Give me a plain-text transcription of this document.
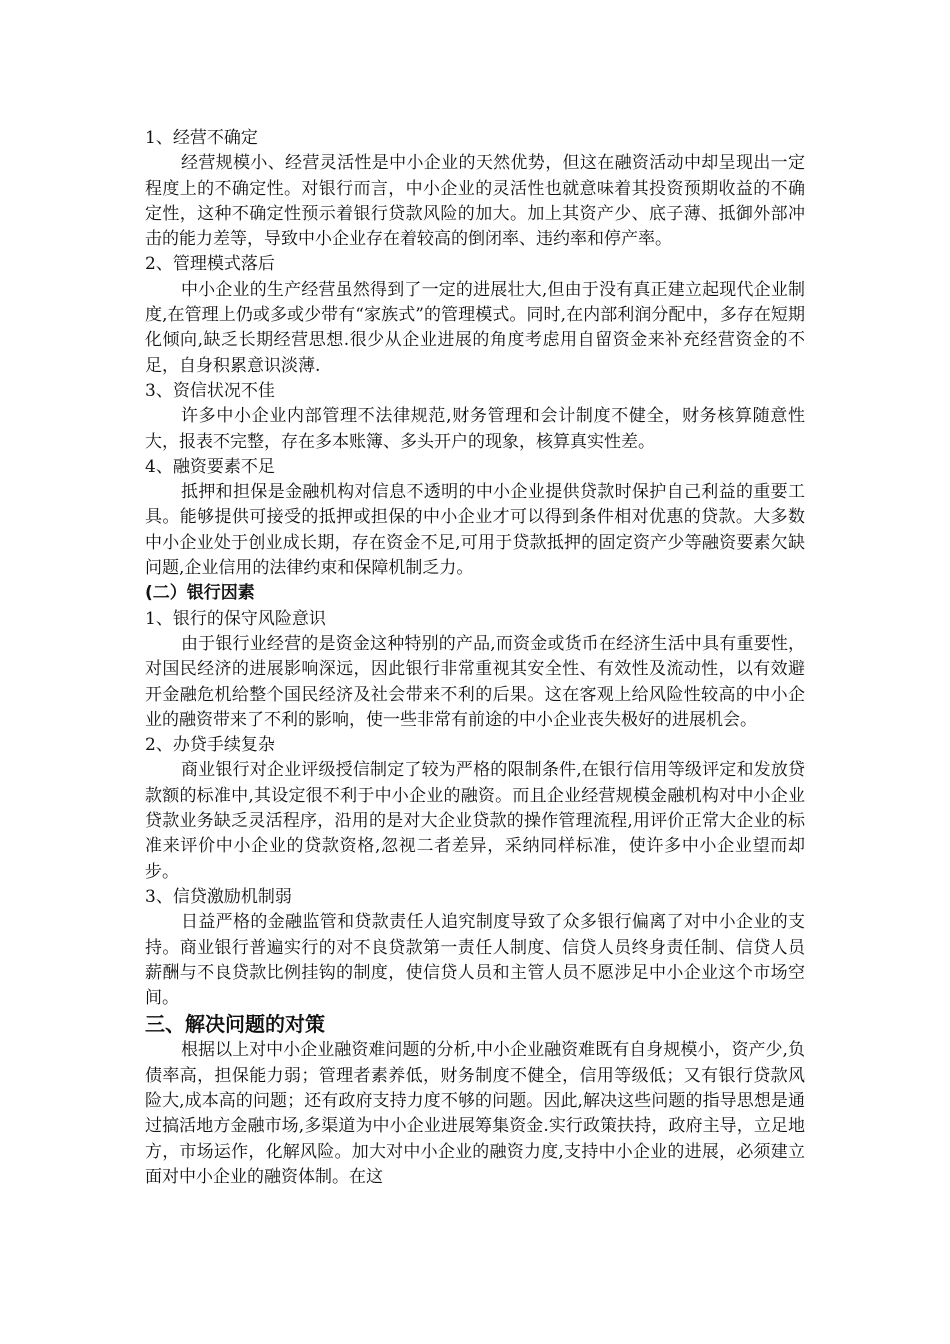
1、经营不确定

经营规模小、经营灵活性是中小企业的天然优势，但这在融资活动中却呈现出一定程度上的不确定性。对银行而言，中小企业的灵活性也就意味着其投资预期收益的不确定性，这种不确定性预示着银行贷款风险的加大。加上其资产少、底子薄、抵御外部冲击的能力差等，导致中小企业存在着较高的倒闭率、违约率和停产率。

2、管理模式落后

中小企业的生产经营虽然得到了一定的进展壮大,但由于没有真正建立起现代企业制度,在管理上仍或多或少带有“家族式”的管理模式。同时,在内部利润分配中，多存在短期化倾向,缺乏长期经营思想.很少从企业进展的角度考虑用自留资金来补充经营资金的不足，自身积累意识淡薄.

3、资信状况不佳

许多中小企业内部管理不法律规范,财务管理和会计制度不健全，财务核算随意性大，报表不完整，存在多本账簿、多头开户的现象，核算真实性差。

4、融资要素不足

抵押和担保是金融机构对信息不透明的中小企业提供贷款时保护自己利益的重要工具。能够提供可接受的抵押或担保的中小企业才可以得到条件相对优惠的贷款。大多数中小企业处于创业成长期，存在资金不足,可用于贷款抵押的固定资产少等融资要素欠缺问题,企业信用的法律约束和保障机制乏力。

(二）银行因素

1、银行的保守风险意识

由于银行业经营的是资金这种特别的产品,而资金或货币在经济生活中具有重要性，对国民经济的进展影响深远，因此银行非常重视其安全性、有效性及流动性，以有效避开金融危机给整个国民经济及社会带来不利的后果。这在客观上给风险性较高的中小企业的融资带来了不利的影响，使一些非常有前途的中小企业丧失极好的进展机会。

2、办贷手续复杂

商业银行对企业评级授信制定了较为严格的限制条件,在银行信用等级评定和发放贷款额的标准中,其设定很不利于中小企业的融资。而且企业经营规模金融机构对中小企业贷款业务缺乏灵活程序，沿用的是对大企业贷款的操作管理流程,用评价正常大企业的标准来评价中小企业的贷款资格,忽视二者差异，采纳同样标准，使许多中小企业望而却步。

3、信贷激励机制弱

日益严格的金融监管和贷款责任人追究制度导致了众多银行偏离了对中小企业的支持。商业银行普遍实行的对不良贷款第一责任人制度、信贷人员终身责任制、信贷人员薪酬与不良贷款比例挂钩的制度，使信贷人员和主管人员不愿涉足中小企业这个市场空间。

三、解决问题的对策

根据以上对中小企业融资难问题的分析,中小企业融资难既有自身规模小，资产少,负债率高，担保能力弱；管理者素养低，财务制度不健全，信用等级低；又有银行贷款风险大,成本高的问题；还有政府支持力度不够的问题。因此,解决这些问题的指导思想是通过搞活地方金融市场,多渠道为中小企业进展筹集资金.实行政策扶持，政府主导，立足地方，市场运作，化解风险。加大对中小企业的融资力度,支持中小企业的进展，必须建立面对中小企业的融资体制。在这
